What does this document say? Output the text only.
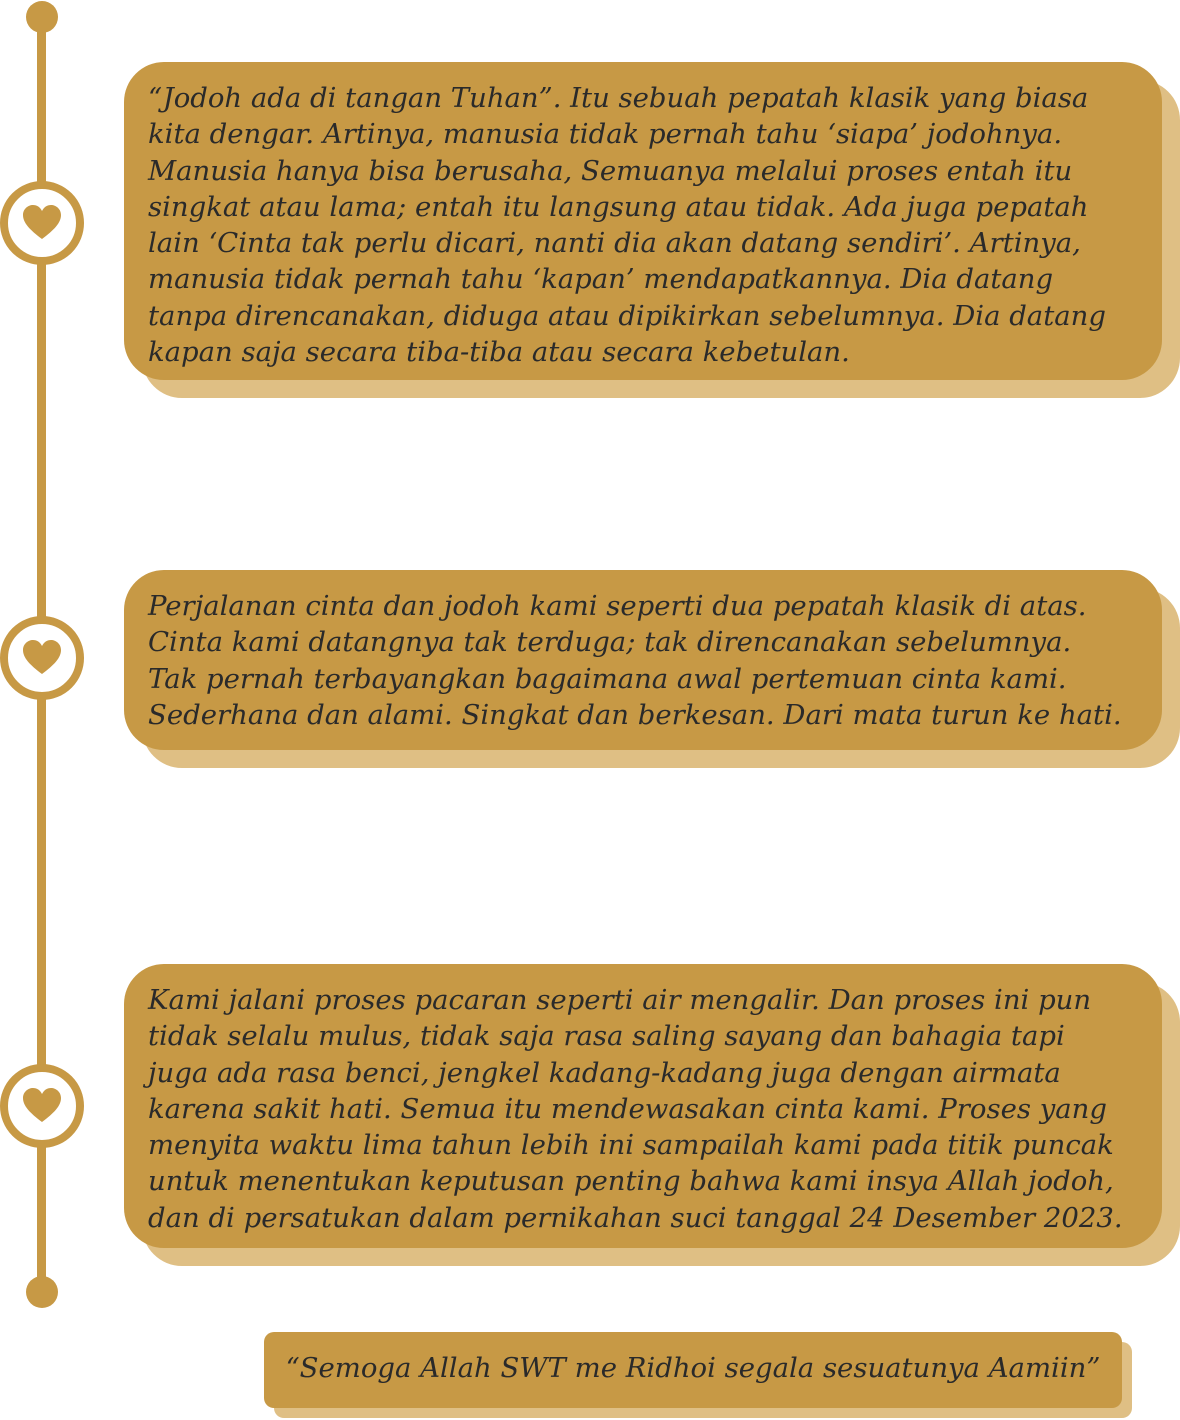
“Jodoh ada di tangan Tuhan”. Itu sebuah pepatah klasik yang biasa
kita dengar. Artinya, manusia tidak pernah tahu ‘siapa’ jodohnya.
Manusia hanya bisa berusaha, Semuanya melalui proses entah itu
singkat atau lama; entah itu langsung atau tidak. Ada juga pepatah
lain ‘Cinta tak perlu dicari, nanti dia akan datang sendiri’. Artinya,
manusia tidak pernah tahu ‘kapan’ mendapatkannya. Dia datang
tanpa direncanakan, diduga atau dipikirkan sebelumnya. Dia datang
kapan saja secara tiba-tiba atau secara kebetulan.
Perjalanan cinta dan jodoh kami seperti dua pepatah klasik di atas.
Cinta kami datangnya tak terduga; tak direncanakan sebelumnya.
Tak pernah terbayangkan bagaimana awal pertemuan cinta kami.
Sederhana dan alami. Singkat dan berkesan. Dari mata turun ke hati.
Kami jalani proses pacaran seperti air mengalir. Dan proses ini pun
tidak selalu mulus, tidak saja rasa saling sayang dan bahagia tapi
juga ada rasa benci, jengkel kadang-kadang juga dengan airmata
karena sakit hati. Semua itu mendewasakan cinta kami. Proses yang
menyita waktu lima tahun lebih ini sampailah kami pada titik puncak
untuk menentukan keputusan penting bahwa kami insya Allah jodoh,
dan di persatukan dalam pernikahan suci tanggal 24 Desember 2023.
“Semoga Allah SWT me Ridhoi segala sesuatunya Aamiin”
